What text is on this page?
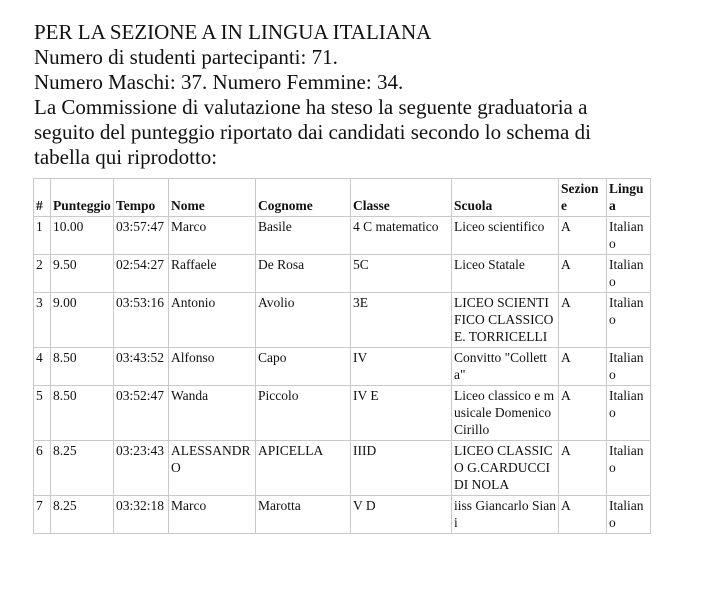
PER LA SEZIONE A IN LINGUA ITALIANA

Numero di studenti partecipanti: 71.

Numero Maschi: 37. Numero Femmine: 34.

La Commissione di valutazione ha steso la seguente graduatoria a

seguito del punteggio riportato dai candidati secondo lo schema di

tabella qui riprodotto:

#	Punteggio	Tempo	Nome	Cognome	Classe	Scuola	Sezione	Lingua
1	10.00	03:57:47	Marco	Basile	4 C matematico	Liceo scientifico	A	Italiano
2	9.50	02:54:27	Raffaele	De Rosa	5C	Liceo Statale	A	Italiano
3	9.00	03:53:16	Antonio	Avolio	3E	LICEO SCIENTIFICO CLASSICO E. TORRICELLI	A	Italiano
4	8.50	03:43:52	Alfonso	Capo	IV	Convitto "Colletta"	A	Italiano
5	8.50	03:52:47	Wanda	Piccolo	IV E	Liceo classico e musicale Domenico Cirillo	A	Italiano
6	8.25	03:23:43	ALESSANDRO	APICELLA	IIID	LICEO CLASSICO G.CARDUCCI DI NOLA	A	Italiano
7	8.25	03:32:18	Marco	Marotta	V D	iiss Giancarlo Siani	A	Italiano
